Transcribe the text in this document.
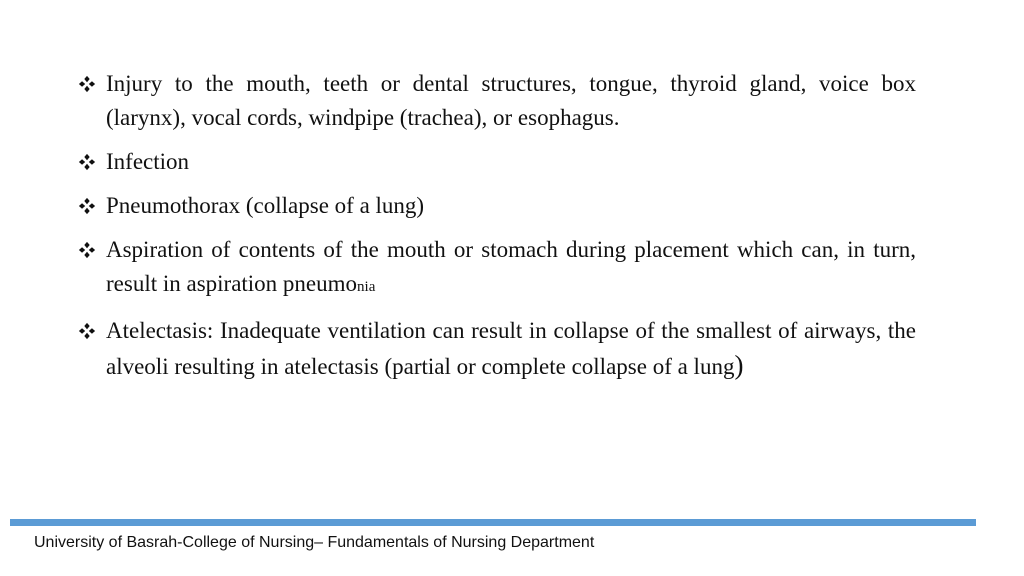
Injury to the mouth, teeth or dental structures, tongue, thyroid gland, voice box (larynx), vocal cords, windpipe (trachea), or esophagus.
Infection
Pneumothorax (collapse of a lung)
Aspiration of contents of the mouth or stomach during placement which can, in turn, result in aspiration pneumonia
Atelectasis: Inadequate ventilation can result in collapse of the smallest of airways, the alveoli resulting in atelectasis (partial or complete collapse of a lung)
University of Basrah-College of Nursing– Fundamentals of Nursing Department
